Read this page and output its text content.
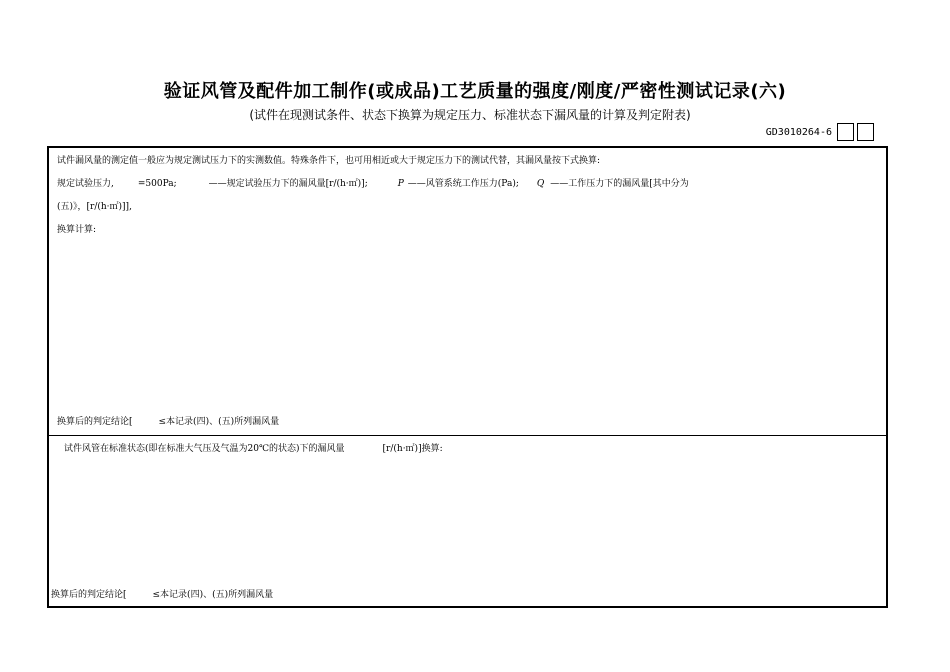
验证风管及配件加工制作(或成品)工艺质量的强度/刚度/严密性测试记录(六)
(试件在现测试条件、状态下换算为规定压力、标准状态下漏风量的计算及判定附表)
GD3010264-6
试件漏风量的测定值一般应为规定测试压力下的实测数值。特殊条件下，也可用相近或大于规定压力下的测试代替，其漏风量按下式换算:
规定试验压力,	=500Pa;	——规定试验压力下的漏风量[r/(h·㎡)];	P ——风管系统工作压力(Pa); Q ——工作压力下的漏风量[其中分为
(五)》，[r/(h·㎡)]],
换算计算:
换算后的判定结论[	≤本记录(四)、(五)所列漏风量
试件风管在标准状态(即在标准大气压及气温为20℃的状态)下的漏风量	[r/(h·㎡)]换算:
换算后的判定结论[	≤本记录(四)、(五)所列漏风量
